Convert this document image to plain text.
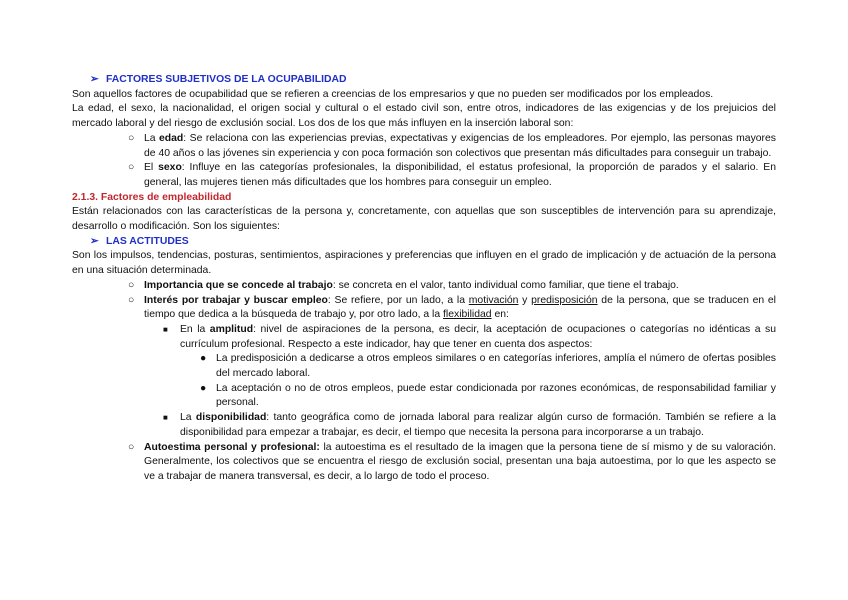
➢ FACTORES SUBJETIVOS DE LA OCUPABILIDAD

Son aquellos factores de ocupabilidad que se refieren a creencias de los empresarios y que no pueden ser modificados por los empleados.

La edad, el sexo, la nacionalidad, el origen social y cultural o el estado civil son, entre otros, indicadores de las exigencias y de los prejuicios del mercado laboral y del riesgo de exclusión social. Los dos de los que más influyen en la inserción laboral son:

○ La edad: Se relaciona con las experiencias previas, expectativas y exigencias de los empleadores. Por ejemplo, las personas mayores de 40 años o las jóvenes sin experiencia y con poca formación son colectivos que presentan más dificultades para conseguir un trabajo.
○ El sexo: Influye en las categorías profesionales, la disponibilidad, el estatus profesional, la proporción de parados y el salario. En general, las mujeres tienen más dificultades que los hombres para conseguir un empleo.
2.1.3. Factores de empleabilidad

Están relacionados con las características de la persona y, concretamente, con aquellas que son susceptibles de intervención para su aprendizaje, desarrollo o modificación. Son los siguientes:

➢ LAS ACTITUDES

Son los impulsos, tendencias, posturas, sentimientos, aspiraciones y preferencias que influyen en el grado de implicación y de actuación de la persona en una situación determinada.

○ Importancia que se concede al trabajo: se concreta en el valor, tanto individual como familiar, que tiene el trabajo.
○ Interés por trabajar y buscar empleo: Se refiere, por un lado, a la motivación y predisposición de la persona, que se traducen en el tiempo que dedica a la búsqueda de trabajo y, por otro lado, a la flexibilidad en:
■ En la amplitud: nivel de aspiraciones de la persona, es decir, la aceptación de ocupaciones o categorías no idénticas a su currículum profesional. Respecto a este indicador, hay que tener en cuenta dos aspectos:
● La predisposición a dedicarse a otros empleos similares o en categorías inferiores, amplía el número de ofertas posibles del mercado laboral.
● La aceptación o no de otros empleos, puede estar condicionada por razones económicas, de responsabilidad familiar y personal.
■ La disponibilidad: tanto geográfica como de jornada laboral para realizar algún curso de formación. También se refiere a la disponibilidad para empezar a trabajar, es decir, el tiempo que necesita la persona para incorporarse a un trabajo.
○ Autoestima personal y profesional: la autoestima es el resultado de la imagen que la persona tiene de sí mismo y de su valoración. Generalmente, los colectivos que se encuentra el riesgo de exclusión social, presentan una baja autoestima, por lo que les aspecto se ve a trabajar de manera transversal, es decir, a lo largo de todo el proceso.
